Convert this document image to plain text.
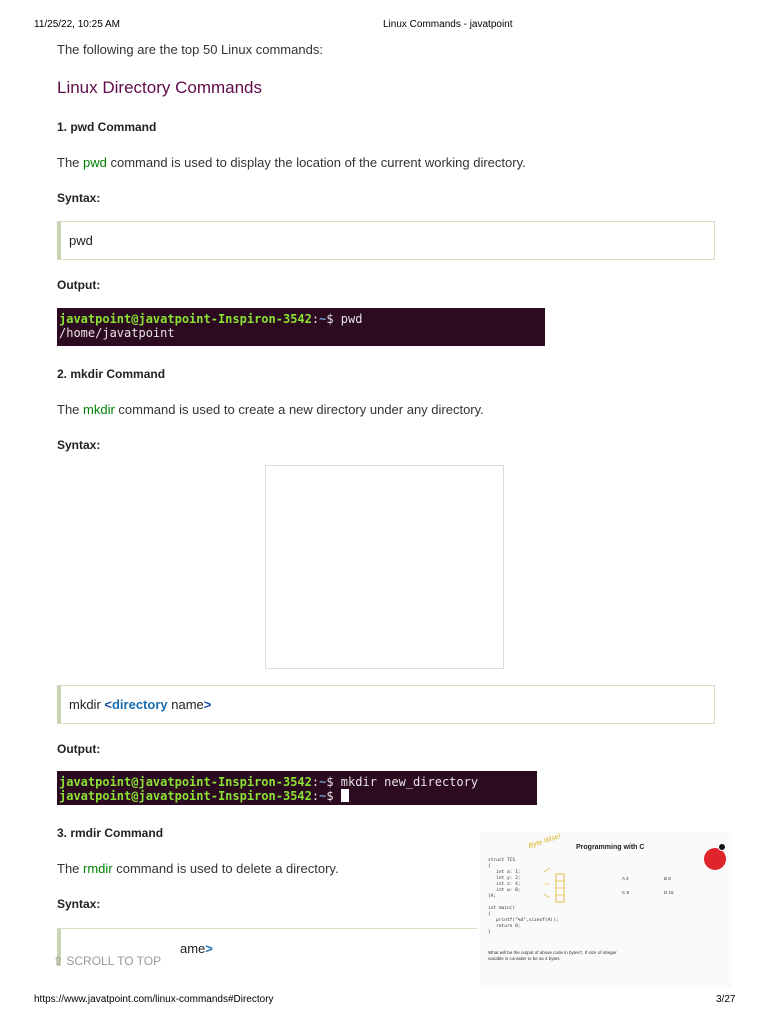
11/25/22, 10:25 AM	Linux Commands - javatpoint
The following are the top 50 Linux commands:
Linux Directory Commands
1. pwd Command
The pwd command is used to display the location of the current working directory.
Syntax:
pwd
Output:
javatpoint@javatpoint-Inspiron-3542:~$ pwd
/home/javatpoint
2. mkdir Command
The mkdir command is used to create a new directory under any directory.
Syntax:
mkdir <directory name>
Output:
javatpoint@javatpoint-Inspiron-3542:~$ mkdir new_directory
javatpoint@javatpoint-Inspiron-3542:~$
3. rmdir Command
The rmdir command is used to delete a directory.
Syntax:
ame>
⇧ SCROLL TO TOP
Byte Wise! Programming with C
struct TCS
{
int a: 1;
int y: 2;
int z: 4;
int w: 8;
}A;

int main()
{
printf("%d",sizeof(A));
return 0;
}
A 4	B 8
C 8	D 15
What will be the output of above code in bytes?, If size of integer variable is consider to be as 4 bytes
https://www.javatpoint.com/linux-commands#Directory	3/27
